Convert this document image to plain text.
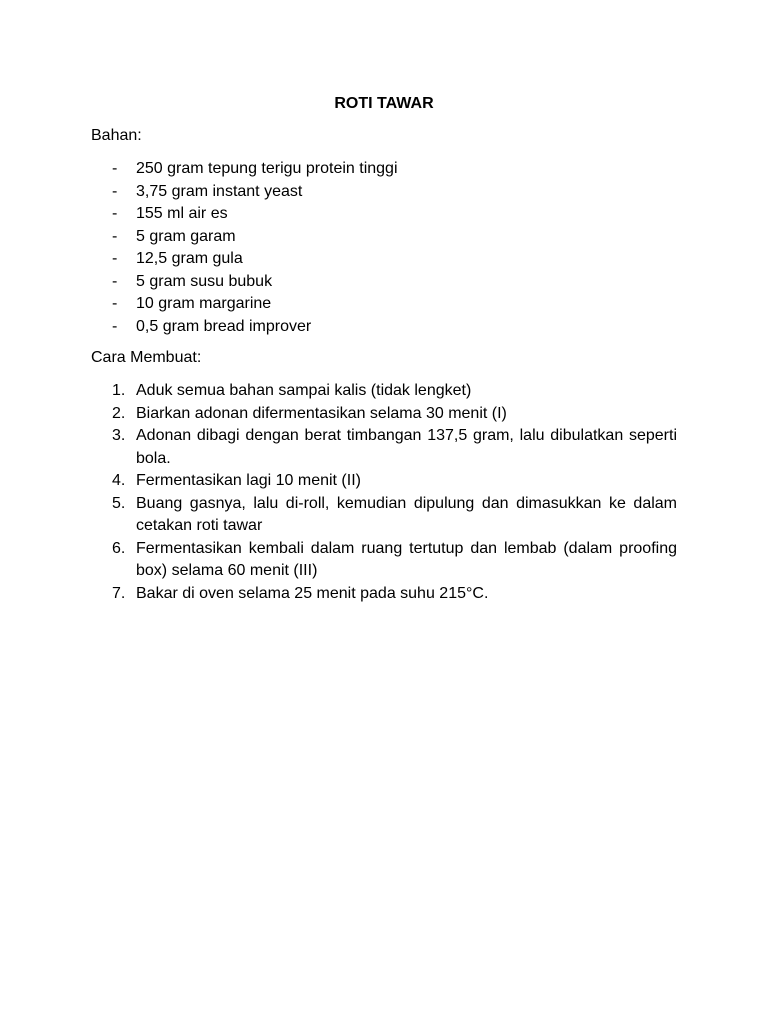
ROTI TAWAR
Bahan:
- 250 gram tepung terigu protein tinggi
- 3,75 gram instant yeast
- 155 ml air es
- 5 gram garam
- 12,5 gram gula
- 5 gram susu bubuk
- 10 gram margarine
- 0,5 gram bread improver
Cara Membuat:
1. Aduk semua bahan sampai kalis (tidak lengket)
2. Biarkan adonan difermentasikan selama 30 menit (I)
3. Adonan dibagi dengan berat timbangan 137,5 gram, lalu dibulatkan seperti bola.
4. Fermentasikan lagi 10 menit (II)
5. Buang gasnya, lalu di-roll, kemudian dipulung dan dimasukkan ke dalam cetakan roti tawar
6. Fermentasikan kembali dalam ruang tertutup dan lembab (dalam proofing box) selama 60 menit (III)
7. Bakar di oven selama 25 menit pada suhu 215°C.
